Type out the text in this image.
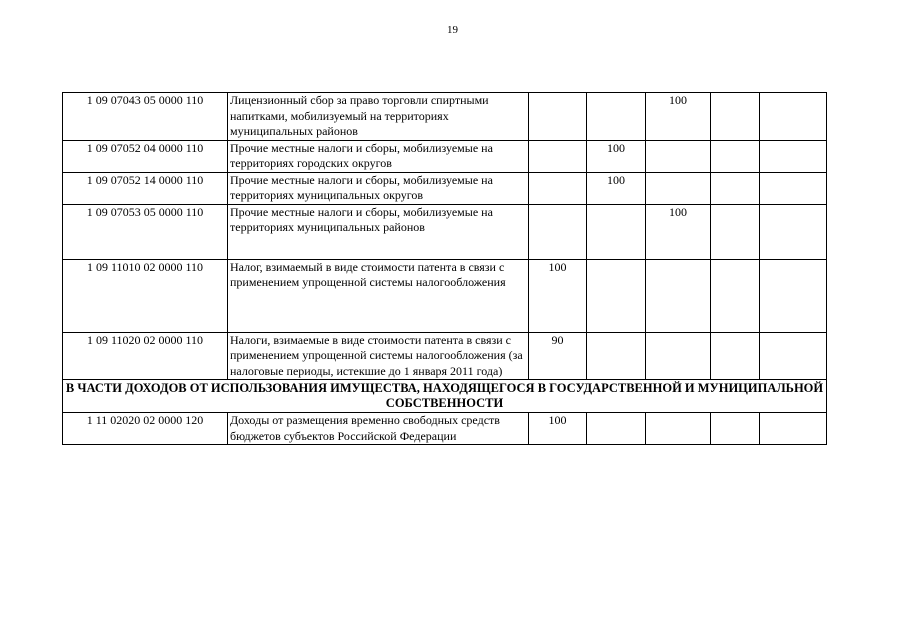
19
1 09 07043 05 0000 110	Лицензионный сбор за право торговли спиртными напитками, мобилизуемый на территориях муниципальных районов			100		
1 09 07052 04 0000 110	Прочие местные налоги и сборы, мобилизуемые на территориях городских округов		100			
1 09 07052 14 0000 110	Прочие местные налоги и сборы, мобилизуемые на территориях муниципальных округов		100			
1 09 07053 05 0000 110	Прочие местные налоги и сборы, мобилизуемые на территориях муниципальных районов			100		
1 09 11010 02 0000 110	Налог, взимаемый в виде стоимости патента в связи с применением упрощенной системы налогообложения	100				
1 09 11020 02 0000 110	Налоги, взимаемые в виде стоимости патента в связи с применением упрощенной системы налогообложения (за налоговые периоды, истекшие до 1 января 2011 года)	90				
В ЧАСТИ ДОХОДОВ ОТ ИСПОЛЬЗОВАНИЯ ИМУЩЕСТВА, НАХОДЯЩЕГОСЯ В ГОСУДАРСТВЕННОЙ И МУНИЦИПАЛЬНОЙ СОБСТВЕННОСТИ						
1 11 02020 02 0000 120	Доходы от размещения временно свободных средств бюджетов субъектов Российской Федерации	100				
